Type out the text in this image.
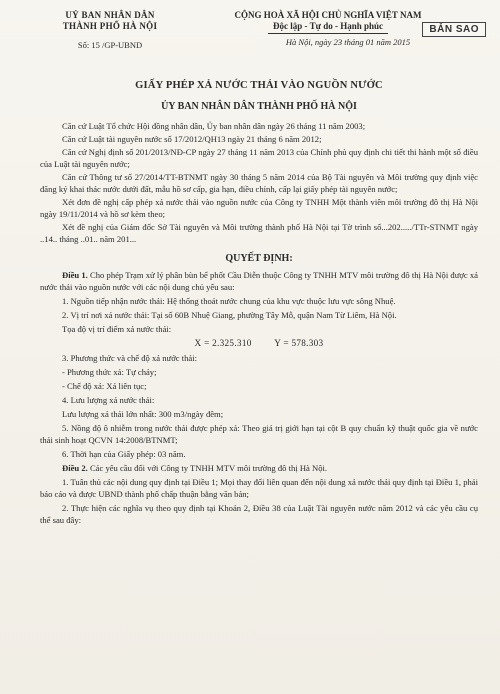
UỶ BAN NHÂN DÂN
THÀNH PHỐ HÀ NỘI
Số: 15 /GP-UBND
CỘNG HOÀ XÃ HỘI CHỦ NGHĨA VIỆT NAM
Độc lập - Tự do - Hạnh phúc
Hà Nội, ngày 23 tháng 01 năm 2015
BẢN SAO
GIẤY PHÉP XẢ NƯỚC THẢI VÀO NGUỒN NƯỚC
ỦY BAN NHÂN DÂN THÀNH PHỐ HÀ NỘI

Căn cứ Luật Tổ chức Hội đồng nhân dân, Ủy ban nhân dân ngày 26 tháng 11 năm 2003;

Căn cứ Luật tài nguyên nước số 17/2012/QH13 ngày 21 tháng 6 năm 2012;

Căn cứ Nghị định số 201/2013/NĐ-CP ngày 27 tháng 11 năm 2013 của Chính phủ quy định chi tiết thi hành một số điều của Luật tài nguyên nước;

Căn cứ Thông tư số 27/2014/TT-BTNMT ngày 30 tháng 5 năm 2014 của Bộ Tài nguyên và Môi trường quy định việc đăng ký khai thác nước dưới đất, mẫu hồ sơ cấp, gia hạn, điều chỉnh, cấp lại giấy phép tài nguyên nước;

Xét đơn đề nghị cấp phép xả nước thải vào nguồn nước của Công ty TNHH Một thành viên môi trường đô thị Hà Nội ngày 19/11/2014 và hồ sơ kèm theo;

Xét đề nghị của Giám đốc Sở Tài nguyên và Môi trường thành phố Hà Nội tại Tờ trình số...202...../TTr-STNMT ngày ..14.. tháng ..01.. năm 201...

QUYẾT ĐỊNH:

Điều 1. Cho phép Trạm xử lý phân bùn bể phốt Cầu Diễn thuộc Công ty TNHH MTV môi trường đô thị Hà Nội được xả nước thải vào nguồn nước với các nội dung chủ yếu sau:

1. Nguồn tiếp nhận nước thải: Hệ thống thoát nước chung của khu vực thuộc lưu vực sông Nhuệ.

2. Vị trí nơi xả nước thải: Tại số 60B Nhuệ Giang, phường Tây Mỗ, quận Nam Từ Liêm, Hà Nội.

Tọa độ vị trí điểm xả nước thải:

X = 2.325.310 Y = 578.303

3. Phương thức và chế độ xả nước thải:

- Phương thức xả: Tự chảy;

- Chế độ xả: Xả liên tục;

4. Lưu lượng xả nước thải:

Lưu lượng xả thải lớn nhất: 300 m3/ngày đêm;

5. Nồng độ ô nhiễm trong nước thải được phép xả: Theo giá trị giới hạn tại cột B quy chuẩn kỹ thuật quốc gia về nước thải sinh hoạt QCVN 14:2008/BTNMT;

6. Thời hạn của Giấy phép: 03 năm.

Điều 2. Các yêu cầu đối với Công ty TNHH MTV môi trường đô thị Hà Nội.

1. Tuân thủ các nội dung quy định tại Điều 1; Mọi thay đổi liên quan đến nội dung xả nước thải quy định tại Điều 1, phải báo cáo và được UBND thành phố chấp thuận bằng văn bản;

2. Thực hiện các nghĩa vụ theo quy định tại Khoản 2, Điều 38 của Luật Tài nguyên nước năm 2012 và các yêu cầu cụ thể sau đây:
